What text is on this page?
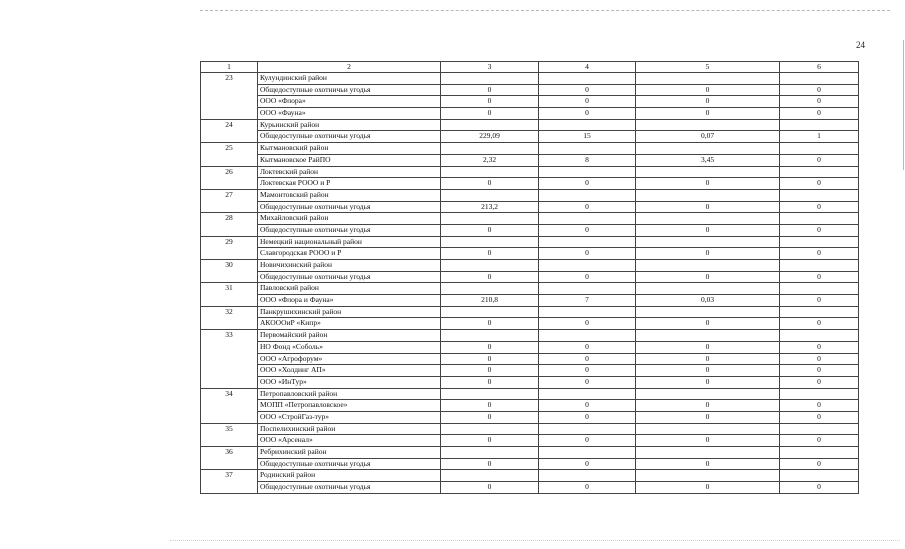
24
1	2	3	4	5	6
23	Кулундинский район				
	Общедоступные охотничьи угодья	0	0	0	0
	ООО «Флора»	0	0	0	0
	ООО «Фауна»	0	0	0	0
24	Курьинский район				
	Общедоступные охотничьи угодья	229,09	15	0,07	1
25	Кытмановский район				
	Кытмановское РайПО	2,32	8	3,45	0
26	Локтевский район				
	Локтевская РООО и Р	0	0	0	0
27	Мамонтовский район				
	Общедоступные охотничьи угодья	213,2	0	0	0
28	Михайловский район				
	Общедоступные охотничьи угодья	0	0	0	0
29	Немецкий национальный район				
	Славгородская РООО и Р	0	0	0	0
30	Новичихинский район				
	Общедоступные охотничьи угодья	0	0	0	0
31	Павловский район				
	ООО «Флора и Фауна»	210,8	7	0,03	0
32	Панкрушихинский район				
	АКОООиР «Кипр»	0	0	0	0
33	Первомайский район				
	НО Фонд «Соболь»	0	0	0	0
	ООО «Агрофорум»	0	0	0	0
	ООО «Холдинг АП»	0	0	0	0
	ООО «ИнТур»	0	0	0	0
34	Петропавловский район				
	МОПП «Петропавловское»	0	0	0	0
	ООО «СтройГаз-тур»	0	0	0	0
35	Поспелихинский район				
	ООО «Арсенал»	0	0	0	0
36	Ребрихинский район				
	Общедоступные охотничьи угодья	0	0	0	0
37	Родинский район				
	Общедоступные охотничьи угодья	0	0	0	0
